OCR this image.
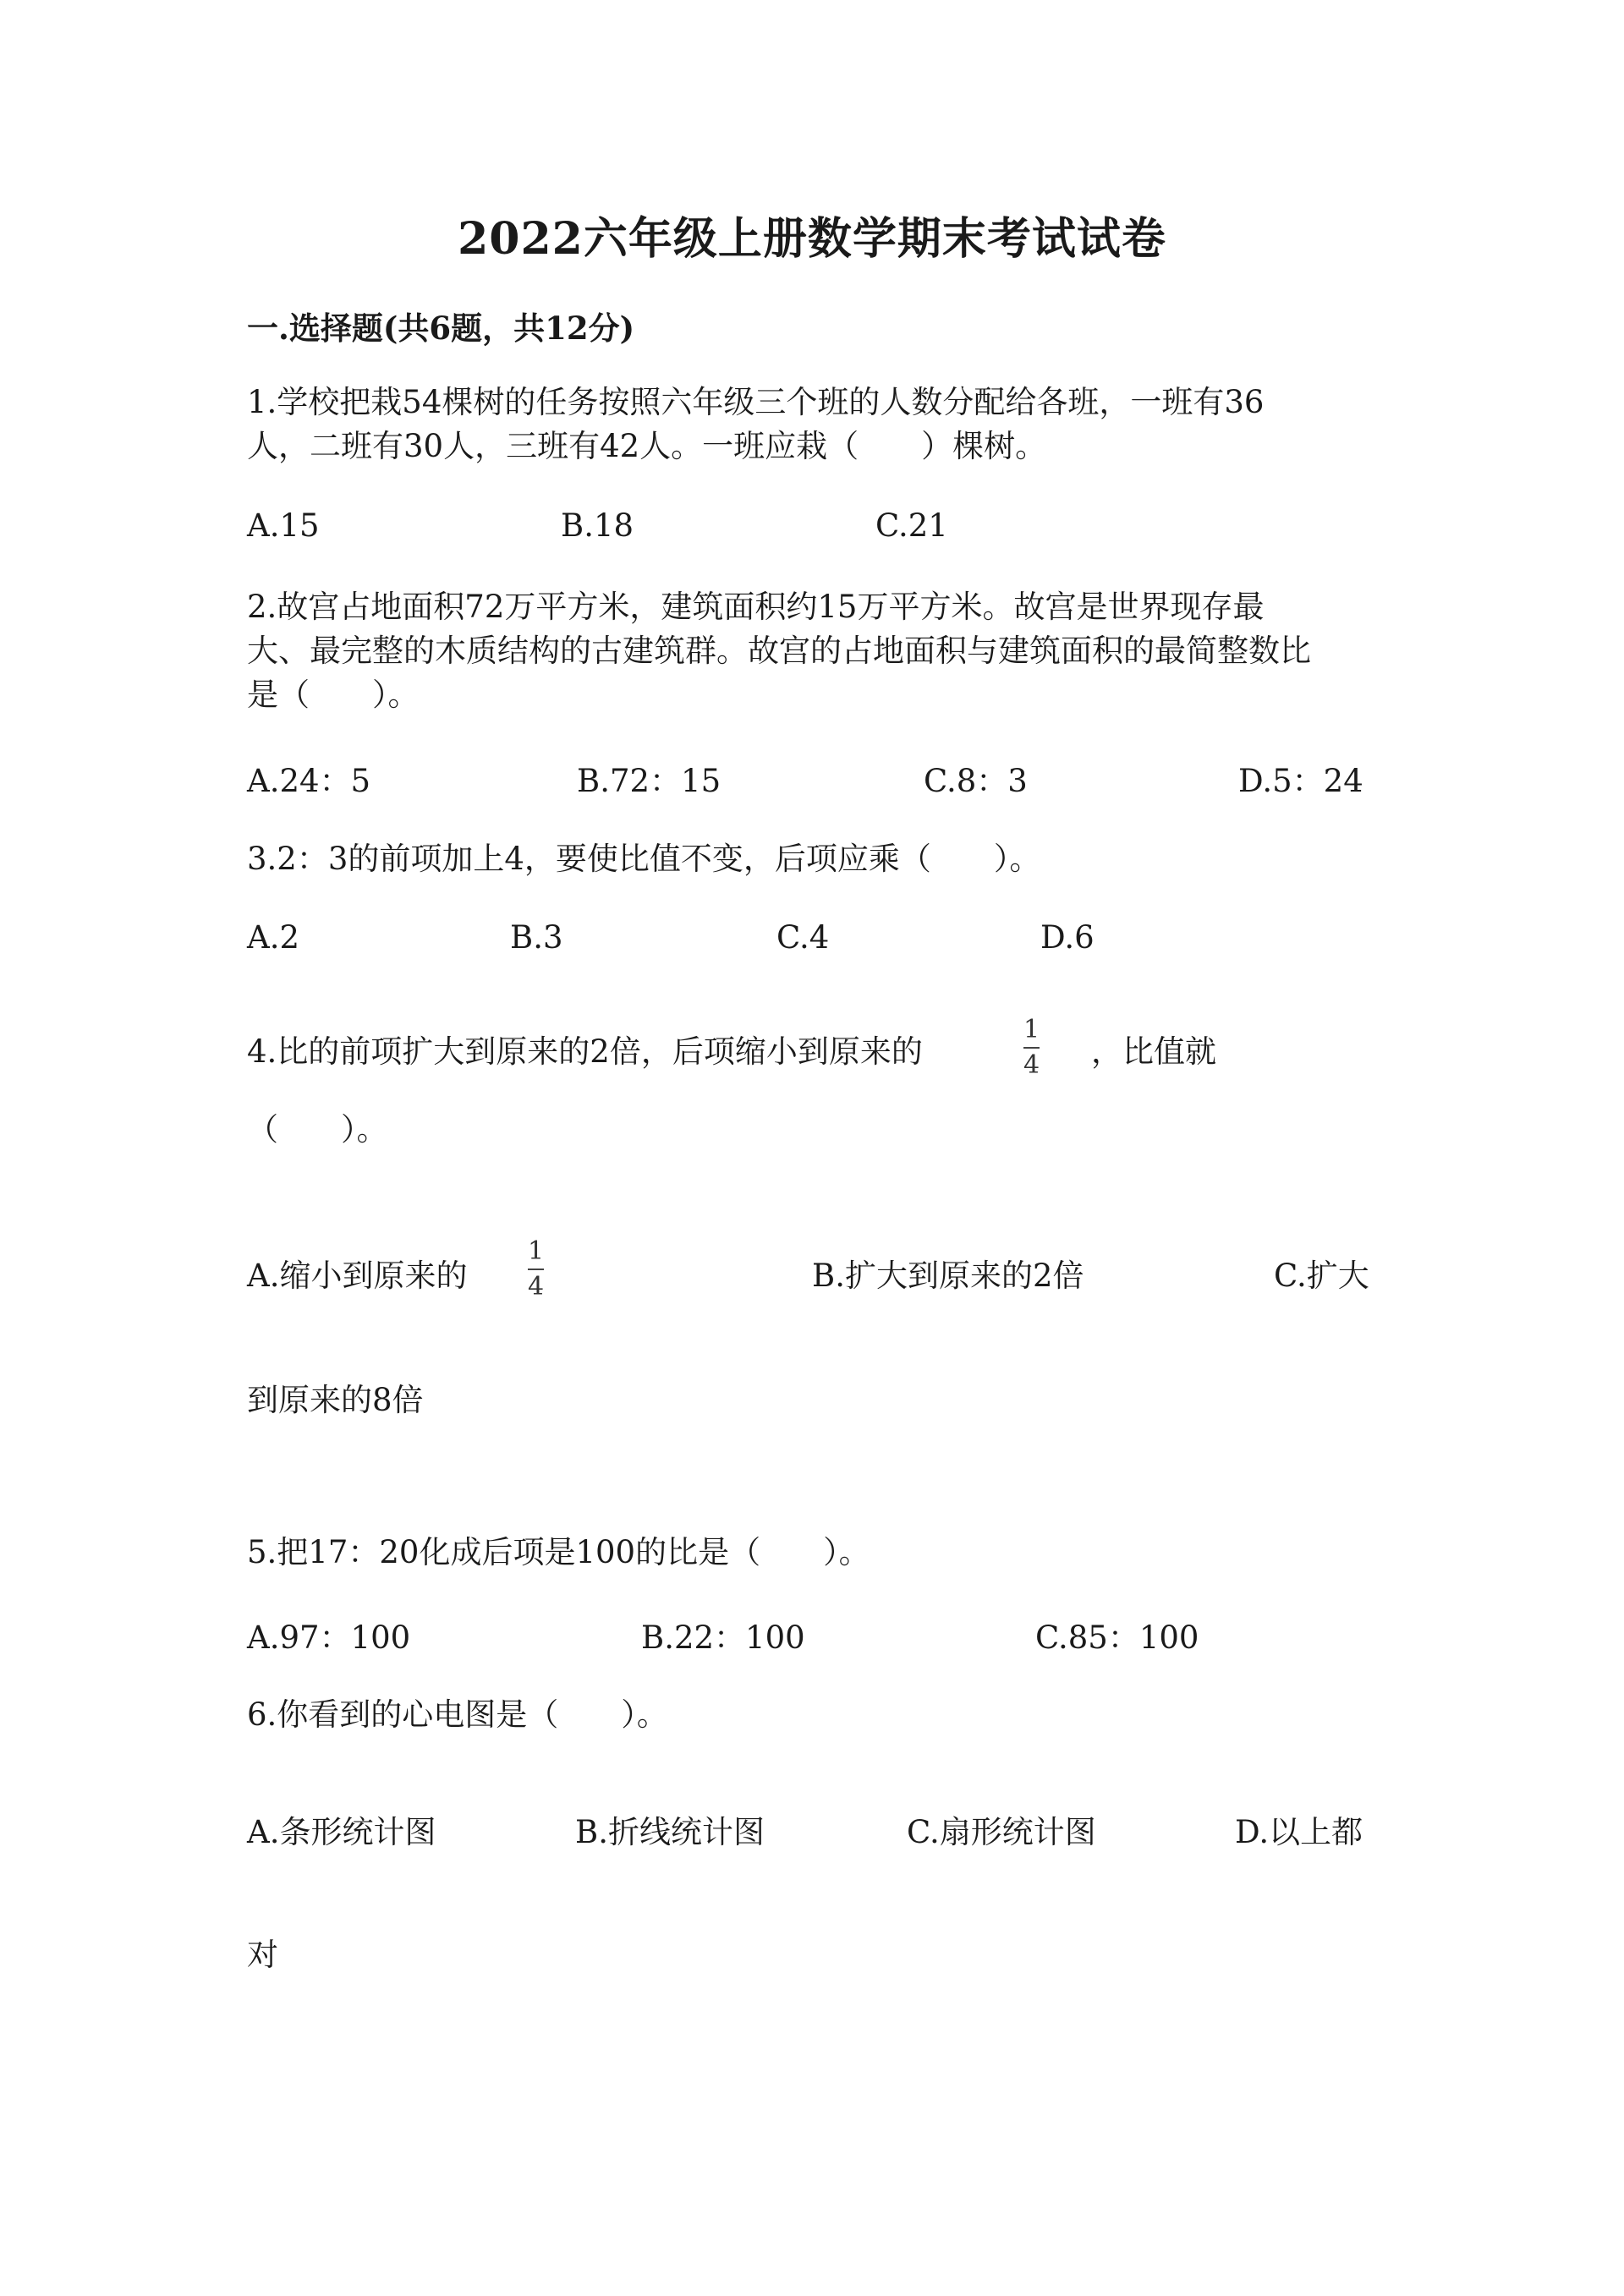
2022六年级上册数学期末考试试卷
一.选择题(共6题，共12分)
1.学校把栽54棵树的任务按照六年级三个班的人数分配给各班，一班有36
人，二班有30人，三班有42人。一班应栽（　　）棵树。
A.15	B.18	C.21
2.故宫占地面积72万平方米，建筑面积约15万平方米。故宫是世界现存最
大、最完整的木质结构的古建筑群。故宫的占地面积与建筑面积的最简整数比
是（　　）。
A.24：5	B.72：15	C.8：3	D.5：24
3.2：3的前项加上4，要使比值不变，后项应乘（　　）。
A.2	B.3	C.4	D.6
4.比的前项扩大到原来的2倍，后项缩小到原来的
1
4 ，比值就
（　　）。
A.缩小到原来的
1
4	B.扩大到原来的2倍	C.扩大
到原来的8倍
5.把17：20化成后项是100的比是（　　）。
A.97：100	B.22：100	C.85：100
6.你看到的心电图是（　　）。
A.条形统计图	B.折线统计图	C.扇形统计图	D.以上都
对
